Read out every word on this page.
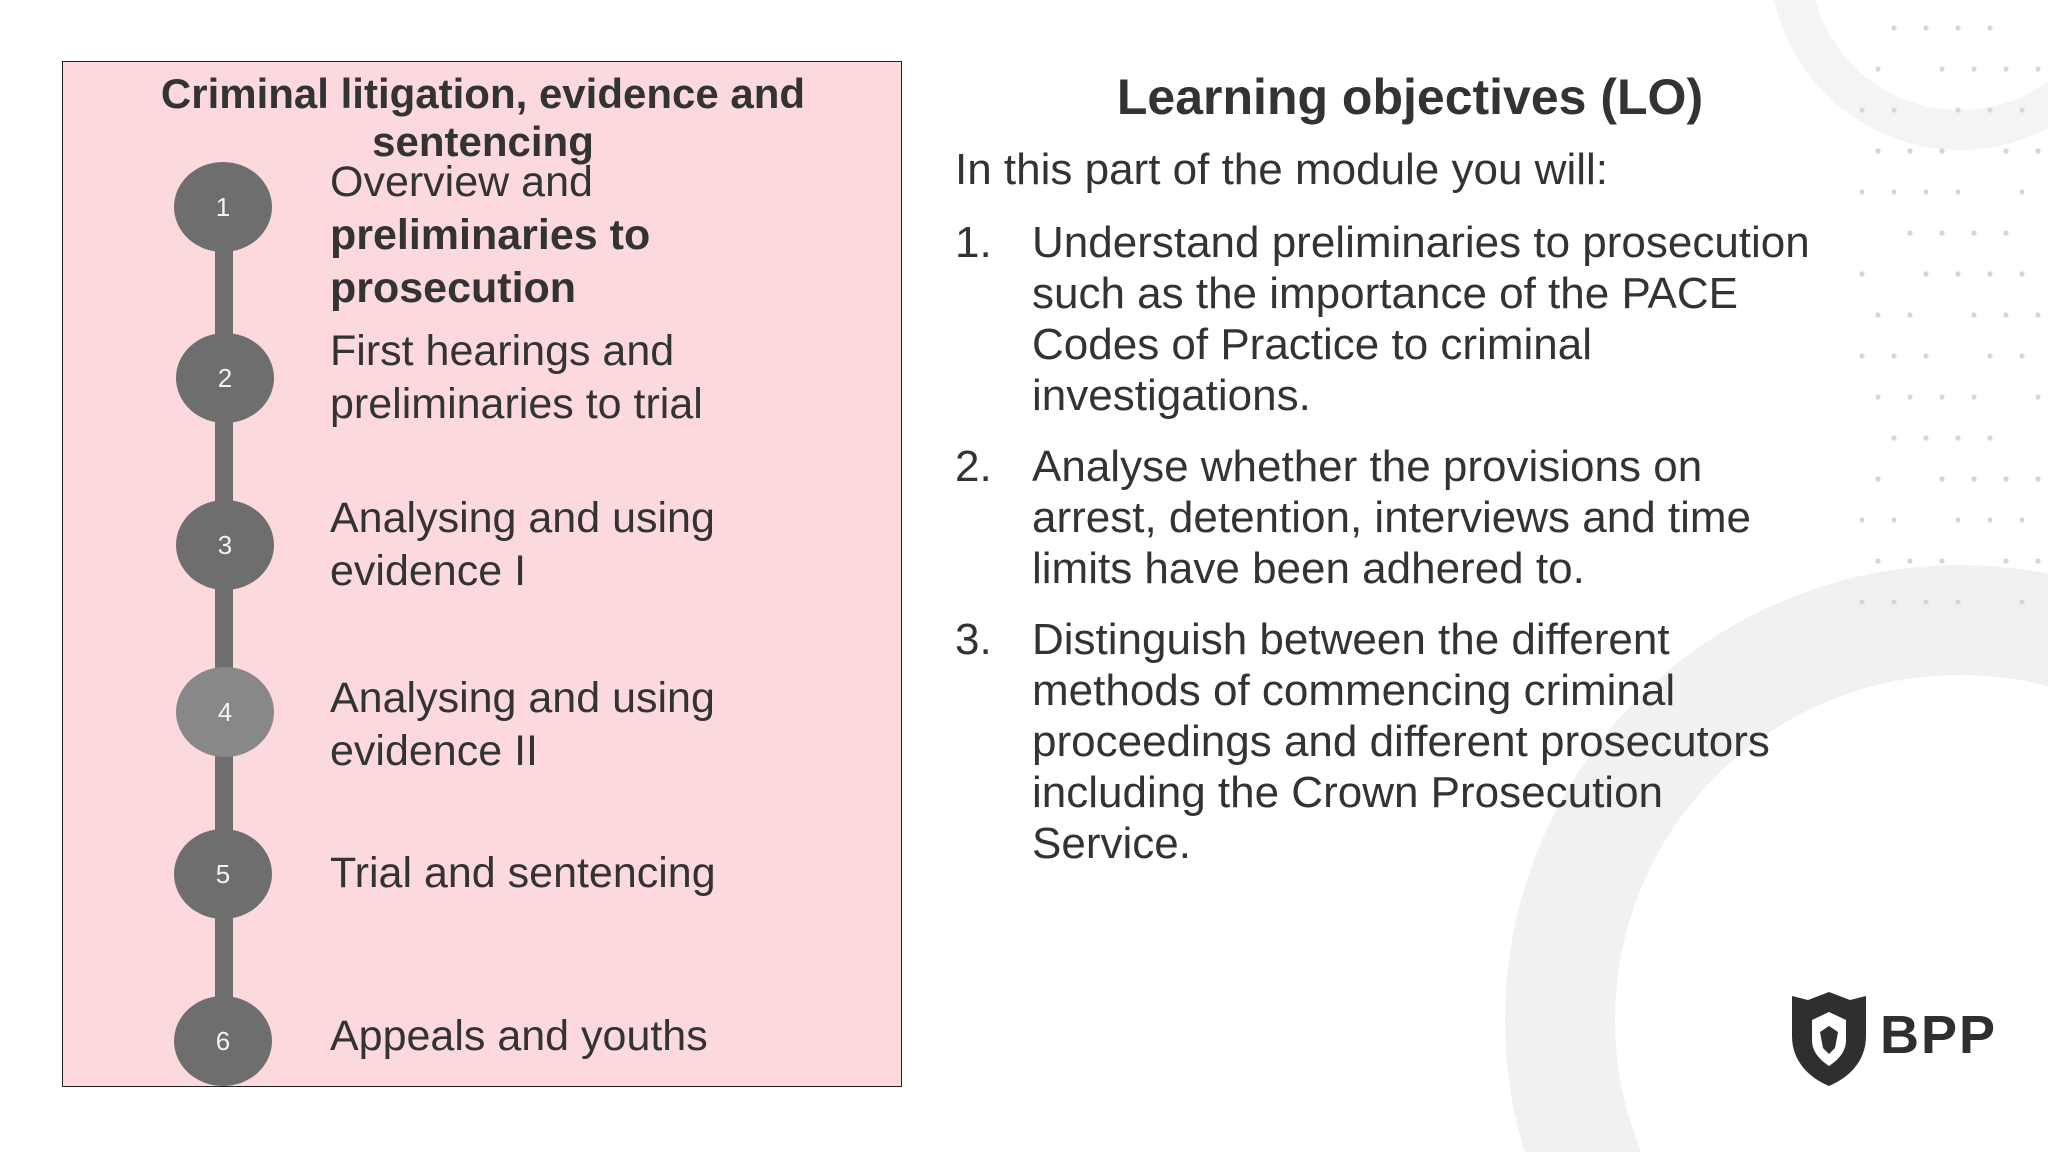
Criminal litigation, evidence and sentencing
1
2
3
4
5
6
Overview and
preliminaries to prosecution
First hearings and preliminaries to trial
Analysing and using evidence I
Analysing and using evidence II
Trial and sentencing
Appeals and youths
Learning objectives (LO)
In this part of the module you will:
1. Understand preliminaries to prosecution such as the importance of the PACE Codes of Practice to criminal investigations.
2. Analyse whether the provisions on arrest, detention, interviews and time limits have been adhered to.
3. Distinguish between the different methods of commencing criminal proceedings and different prosecutors including the Crown Prosecution Service.
BPP
